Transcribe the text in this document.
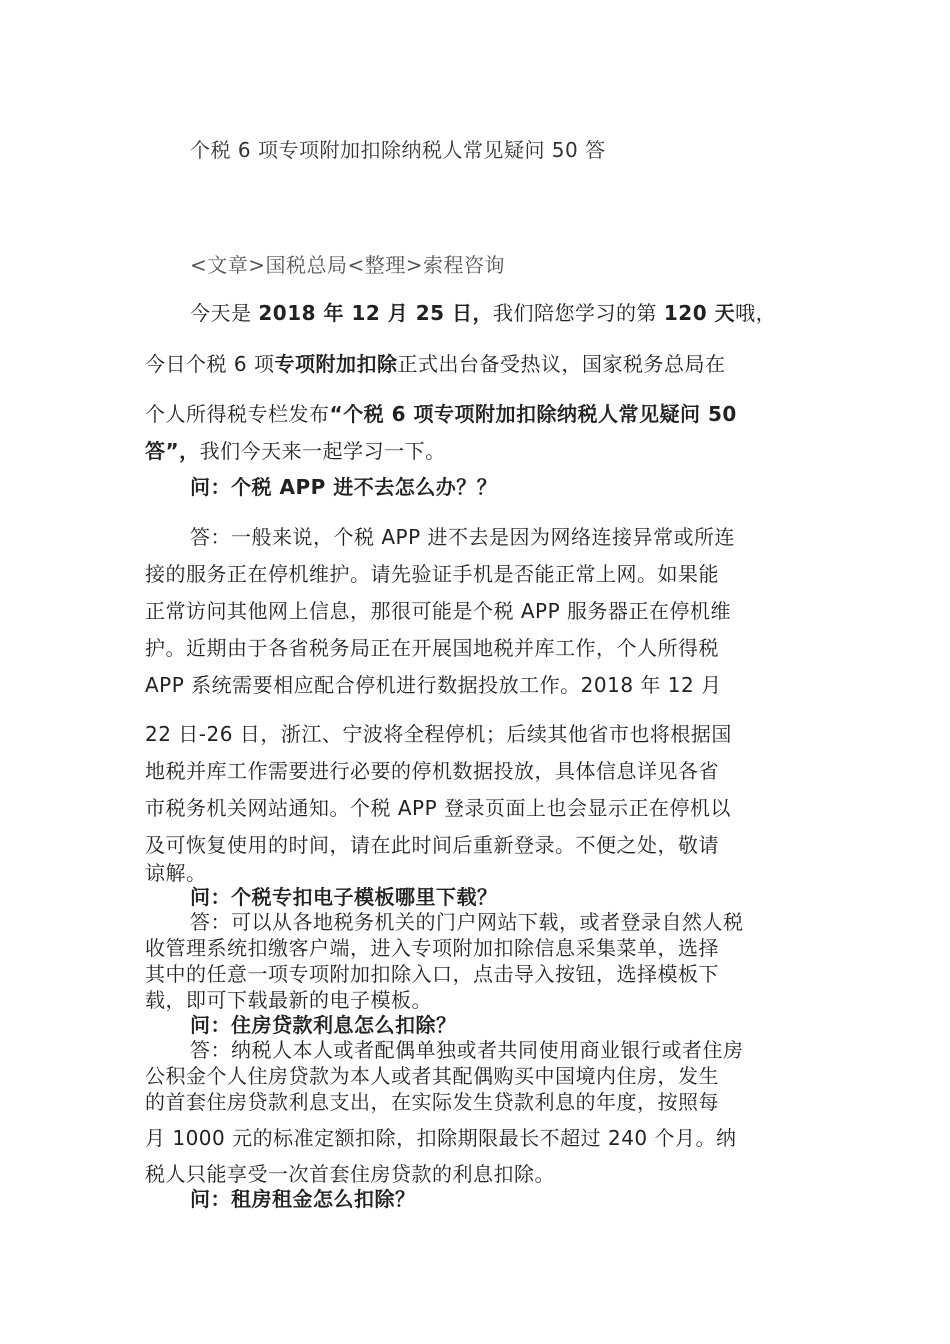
个税 6 项专项附加扣除纳税人常见疑问 50 答
<文章>国税总局<整理>索程咨询
今天是 2018 年 12 月 25 日，我们陪您学习的第 120 天哦，
今日个税 6 项专项附加扣除正式出台备受热议，国家税务总局在
个人所得税专栏发布“个税 6 项专项附加扣除纳税人常见疑问 50
答”，我们今天来一起学习一下。
问：个税 APP 进不去怎么办？？
答：一般来说，个税 APP 进不去是因为网络连接异常或所连
接的服务正在停机维护。请先验证手机是否能正常上网。如果能
正常访问其他网上信息，那很可能是个税 APP 服务器正在停机维
护。近期由于各省税务局正在开展国地税并库工作，个人所得税
APP 系统需要相应配合停机进行数据投放工作。2018 年 12 月
22 日-26 日，浙江、宁波将全程停机；后续其他省市也将根据国
地税并库工作需要进行必要的停机数据投放，具体信息详见各省
市税务机关网站通知。个税 APP 登录页面上也会显示正在停机以
及可恢复使用的时间，请在此时间后重新登录。不便之处，敬请
谅解。
问：个税专扣电子模板哪里下载？
答：可以从各地税务机关的门户网站下载，或者登录自然人税
收管理系统扣缴客户端，进入专项附加扣除信息采集菜单，选择
其中的任意一项专项附加扣除入口，点击导入按钮，选择模板下
载，即可下载最新的电子模板。
问：住房贷款利息怎么扣除？
答：纳税人本人或者配偶单独或者共同使用商业银行或者住房
公积金个人住房贷款为本人或者其配偶购买中国境内住房，发生
的首套住房贷款利息支出，在实际发生贷款利息的年度，按照每
月 1000 元的标准定额扣除，扣除期限最长不超过 240 个月。纳
税人只能享受一次首套住房贷款的利息扣除。
问：租房租金怎么扣除？
